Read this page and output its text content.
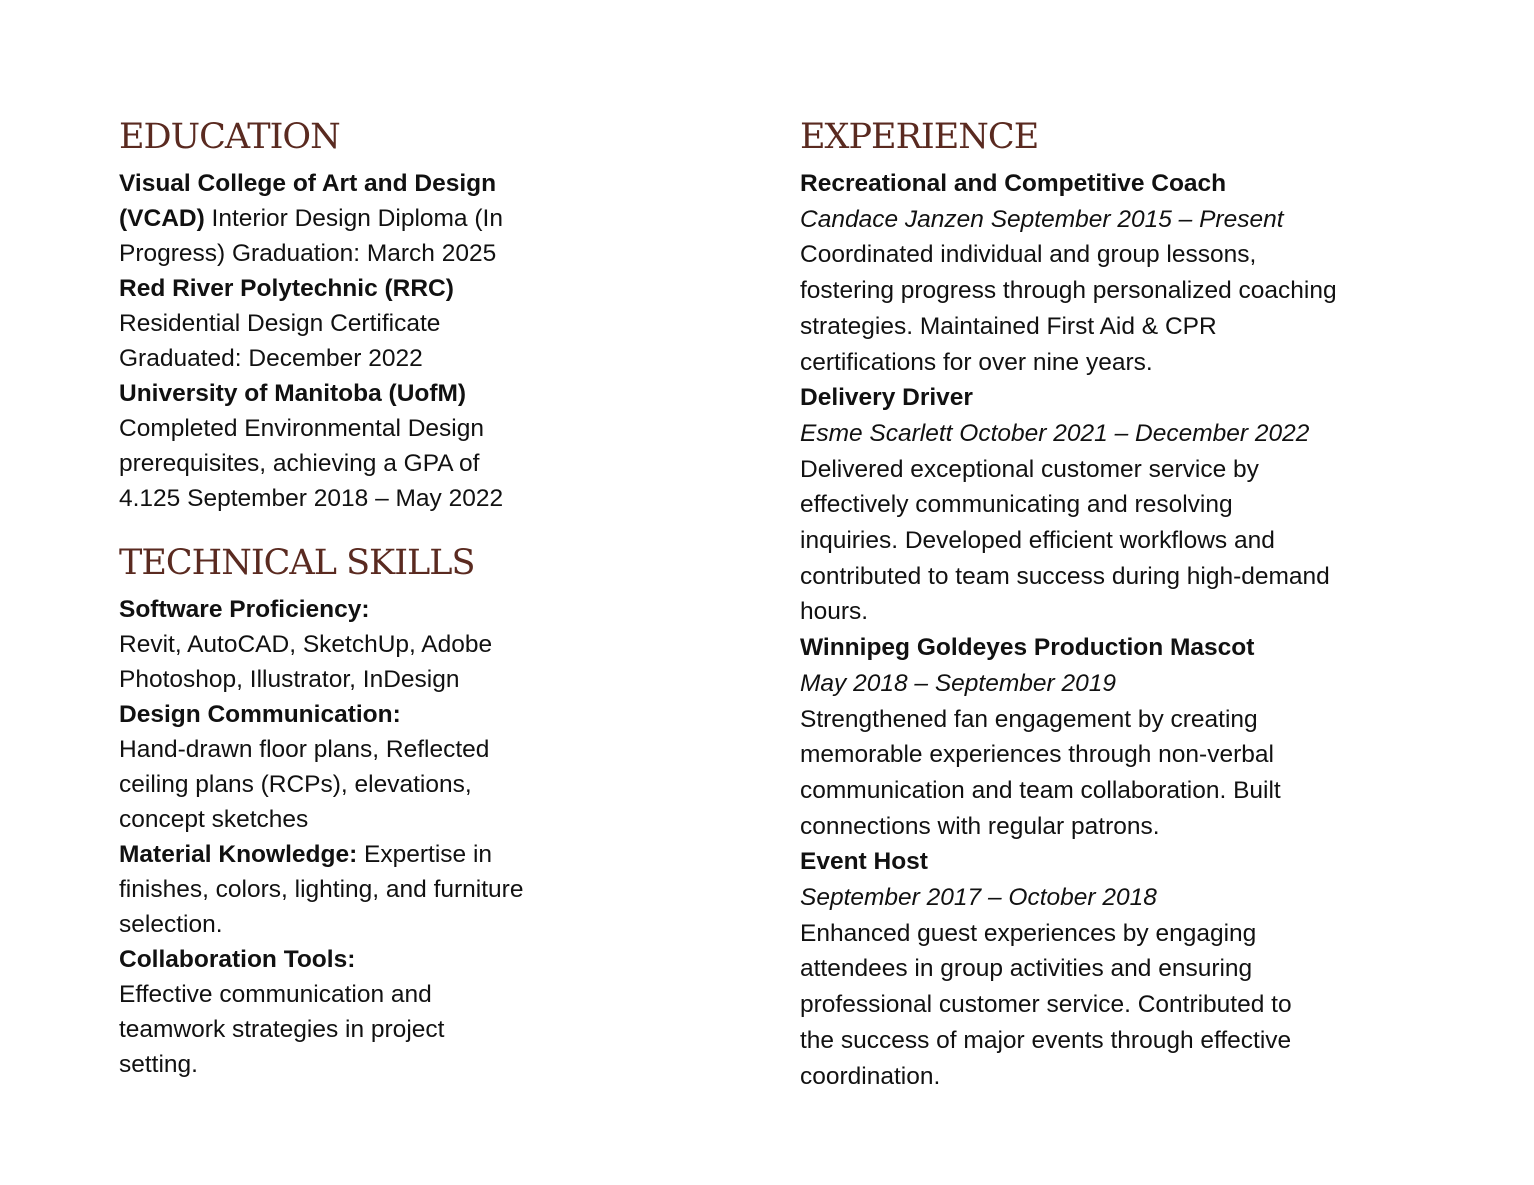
EDUCATION

Visual College of Art and Design

(VCAD) Interior Design Diploma (In

Progress) Graduation: March 2025

Red River Polytechnic (RRC)

Residential Design Certificate

Graduated: December 2022

University of Manitoba (UofM)

Completed Environmental Design

prerequisites, achieving a GPA of

4.125 September 2018 – May 2022

TECHNICAL SKILLS

Software Proficiency:

Revit, AutoCAD, SketchUp, Adobe

Photoshop, Illustrator, InDesign

Design Communication:

Hand-drawn floor plans, Reflected

ceiling plans (RCPs), elevations,

concept sketches

Material Knowledge: Expertise in

finishes, colors, lighting, and furniture

selection.

Collaboration Tools:

Effective communication and

teamwork strategies in project

setting.

EXPERIENCE

Recreational and Competitive Coach

Candace Janzen September 2015 – Present

Coordinated individual and group lessons,

fostering progress through personalized coaching

strategies. Maintained First Aid & CPR

certifications for over nine years.

Delivery Driver

Esme Scarlett October 2021 – December 2022

Delivered exceptional customer service by

effectively communicating and resolving

inquiries. Developed efficient workflows and

contributed to team success during high-demand

hours.

Winnipeg Goldeyes Production Mascot

May 2018 – September 2019

Strengthened fan engagement by creating

memorable experiences through non-verbal

communication and team collaboration. Built

connections with regular patrons.

Event Host

September 2017 – October 2018

Enhanced guest experiences by engaging

attendees in group activities and ensuring

professional customer service. Contributed to

the success of major events through effective

coordination.
